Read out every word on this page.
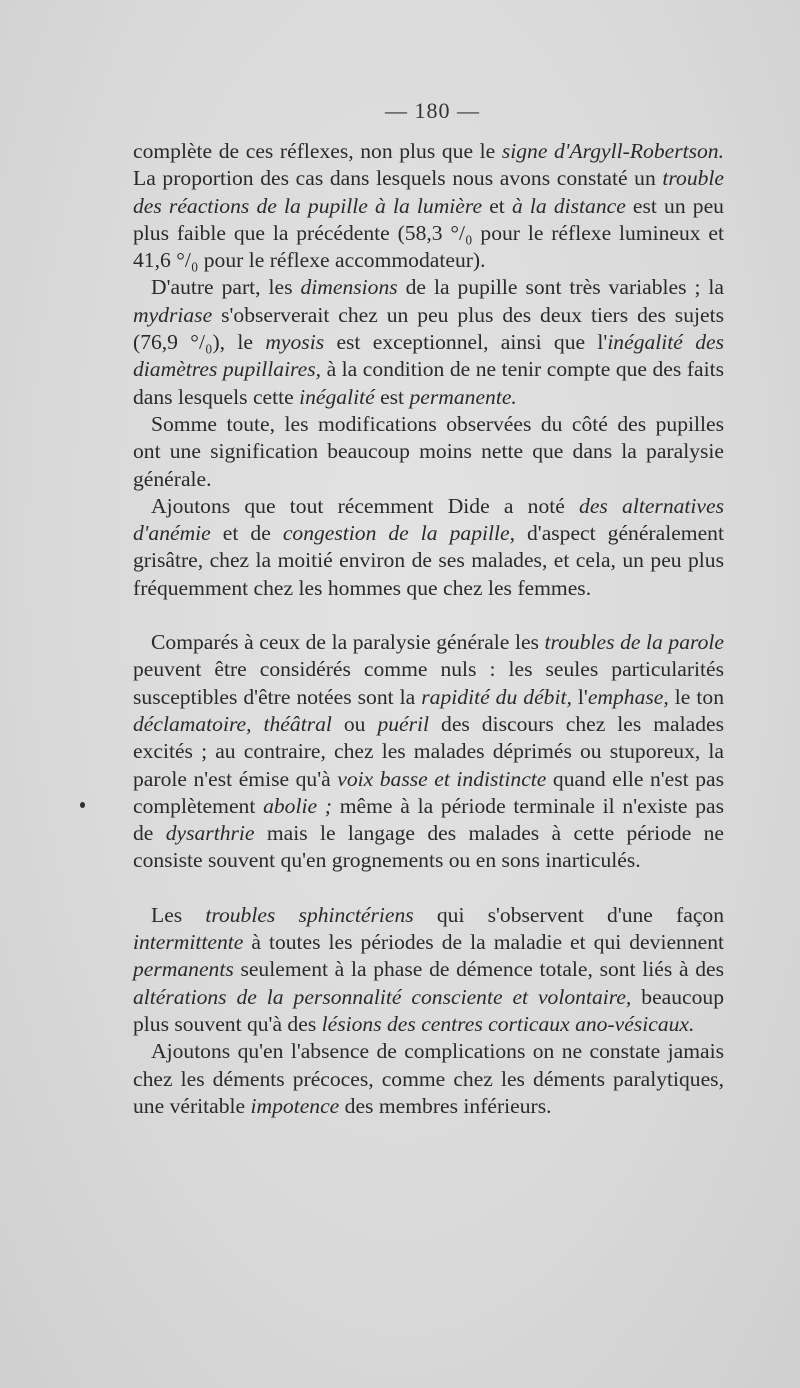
— 180 —

complète de ces réflexes, non plus que le signe d'Argyll-Robertson. La proportion des cas dans lesquels nous avons constaté un trouble des réactions de la pupille à la lumière et à la distance est un peu plus faible que la précédente (58,3 °/₀ pour le réflexe lumineux et 41,6 °/₀ pour le réflexe accommodateur).

D'autre part, les dimensions de la pupille sont très variables ; la mydriase s'observerait chez un peu plus des deux tiers des sujets (76,9 °/₀), le myosis est exceptionnel, ainsi que l'inégalité des diamètres pupillaires, à la condition de ne tenir compte que des faits dans lesquels cette inégalité est permanente.

Somme toute, les modifications observées du côté des pupilles ont une signification beaucoup moins nette que dans la paralysie générale.

Ajoutons que tout récemment Dide a noté des alternatives d'anémie et de congestion de la papille, d'aspect généralement grisâtre, chez la moitié environ de ses malades, et cela, un peu plus fréquemment chez les hommes que chez les femmes.

Comparés à ceux de la paralysie générale les troubles de la parole peuvent être considérés comme nuls : les seules particularités susceptibles d'être notées sont la rapidité du débit, l'emphase, le ton déclamatoire, théâtral ou puéril des discours chez les malades excités ; au contraire, chez les malades déprimés ou stuporeux, la parole n'est émise qu'à voix basse et indistincte quand elle n'est pas complètement abolie ; même à la période terminale il n'existe pas de dysarthrie mais le langage des malades à cette période ne consiste souvent qu'en grognements ou en sons inarticulés.

Les troubles sphinctériens qui s'observent d'une façon intermittente à toutes les périodes de la maladie et qui deviennent permanents seulement à la phase de démence totale, sont liés à des altérations de la personnalité consciente et volontaire, beaucoup plus souvent qu'à des lésions des centres corticaux ano-vésicaux.

Ajoutons qu'en l'absence de complications on ne constate jamais chez les déments précoces, comme chez les déments paralytiques, une véritable impotence des membres inférieurs.
